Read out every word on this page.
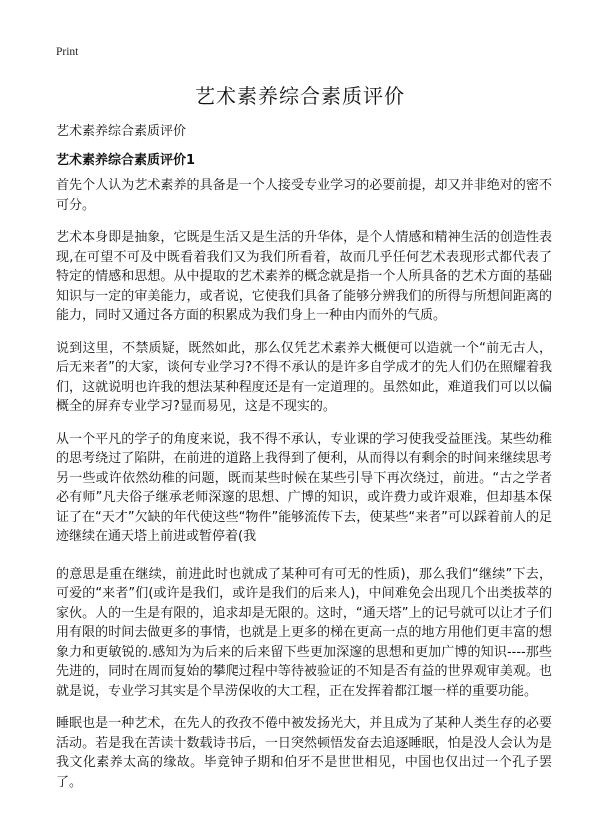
Print
艺术素养综合素质评价
艺术素养综合素质评价
艺术素养综合素质评价1

首先个人认为艺术素养的具备是一个人接受专业学习的必要前提，却又并非绝对的密不可分。

艺术本身即是抽象，它既是生活又是生活的升华体，是个人情感和精神生活的创造性表现,在可望不可及中既看着我们又为我们所看着，故而几乎任何艺术表现形式都代表了特定的情感和思想。从中提取的艺术素养的概念就是指一个人所具备的艺术方面的基础知识与一定的审美能力，或者说，它使我们具备了能够分辨我们的所得与所想间距离的能力，同时又通过各方面的积累成为我们身上一种由内而外的气质。

说到这里，不禁质疑，既然如此，那么仅凭艺术素养大概便可以造就一个“前无古人，后无来者”的大家，谈何专业学习?不得不承认的是许多自学成才的先人们仍在照耀着我们，这就说明也许我的想法某种程度还是有一定道理的。虽然如此，难道我们可以以偏概全的屏弃专业学习?显而易见，这是不现实的。

从一个平凡的学子的角度来说，我不得不承认，专业课的学习使我受益匪浅。某些幼稚的思考绕过了陷阱，在前进的道路上我得到了便利，从而得以有剩余的时间来继续思考另一些或许依然幼稚的问题，既而某些时候在某些引导下再次绕过，前进。“古之学者必有师”凡夫俗子继承老师深邃的思想、广博的知识，或许费力或许艰难，但却基本保证了在“天才”欠缺的年代使这些“物件”能够流传下去，使某些“来者”可以踩着前人的足迹继续在通天塔上前进或暂停着(我

的意思是重在继续，前进此时也就成了某种可有可无的性质)，那么我们“继续”下去，可爱的“来者”们(或许是我们，或许是我们的后来人)，中间难免会出现几个出类拔萃的家伙。人的一生是有限的，追求却是无限的。这时，“通天塔”上的记号就可以让才子们用有限的时间去做更多的事情，也就是上更多的梯在更高一点的地方用他们更丰富的想象力和更敏锐的.感知为为后来的后来留下些更加深邃的思想和更加广博的知识----那些先进的，同时在周而复始的攀爬过程中等待被验证的不知是否有益的世界观审美观。也就是说，专业学习其实是个旱涝保收的大工程，正在发挥着都江堰一样的重要功能。

睡眠也是一种艺术，在先人的孜孜不倦中被发扬光大，并且成为了某种人类生存的必要活动。若是我在苦读十数载诗书后，一日突然顿悟发奋去追逐睡眠，怕是没人会认为是我文化素养太高的缘故。毕竟钟子期和伯牙不是世世相见，中国也仅出过一个孔子罢了。
